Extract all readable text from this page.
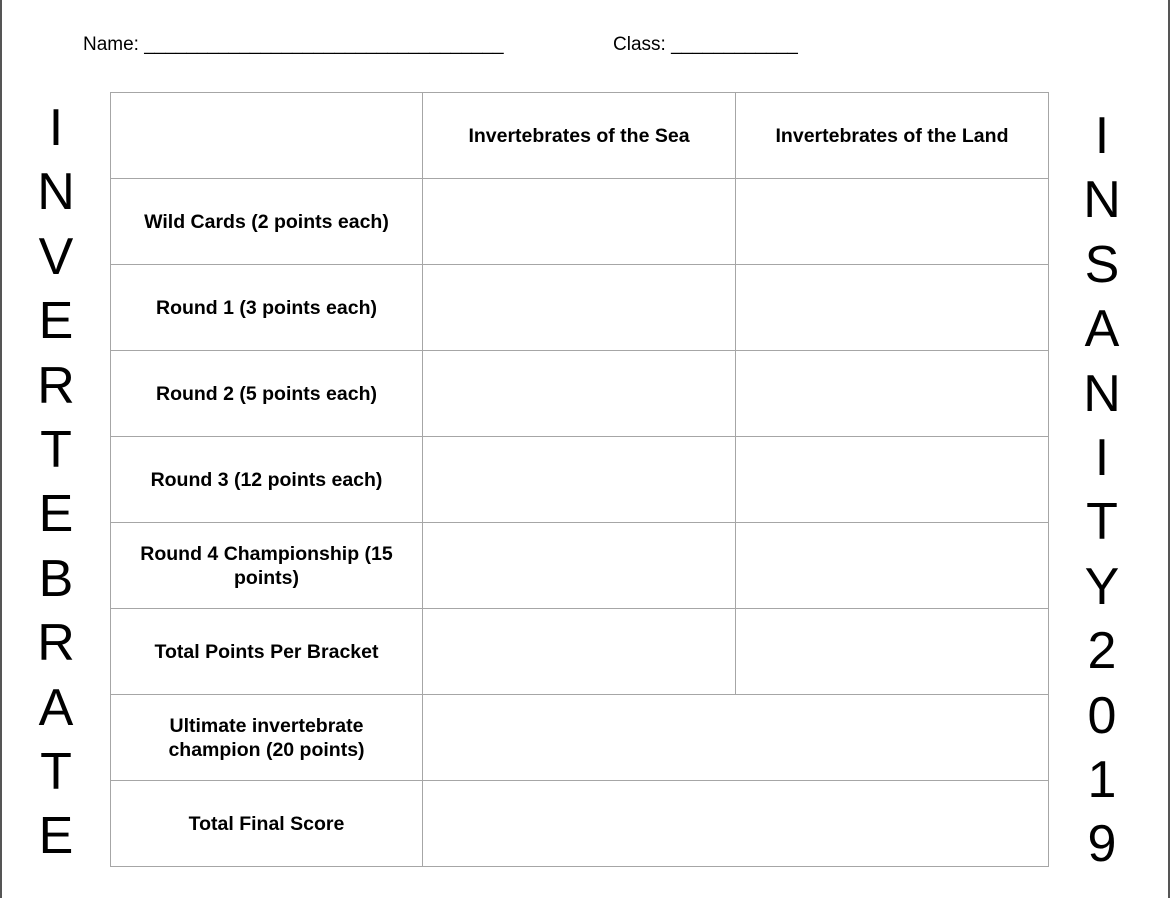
Name: __________________________________	Class: ____________
I
N
V
E
R
T
E
B
R
A
T
E
I
N
S
A
N
I
T
Y
2
0
1
9
	Invertebrates of the Sea	Invertebrates of the Land
Wild Cards (2 points each)		
Round 1 (3 points each)		
Round 2 (5 points each)		
Round 3 (12 points each)		
Round 4 Championship (15 points)		
Total Points Per Bracket		
Ultimate invertebrate champion (20 points)		
Total Final Score		
